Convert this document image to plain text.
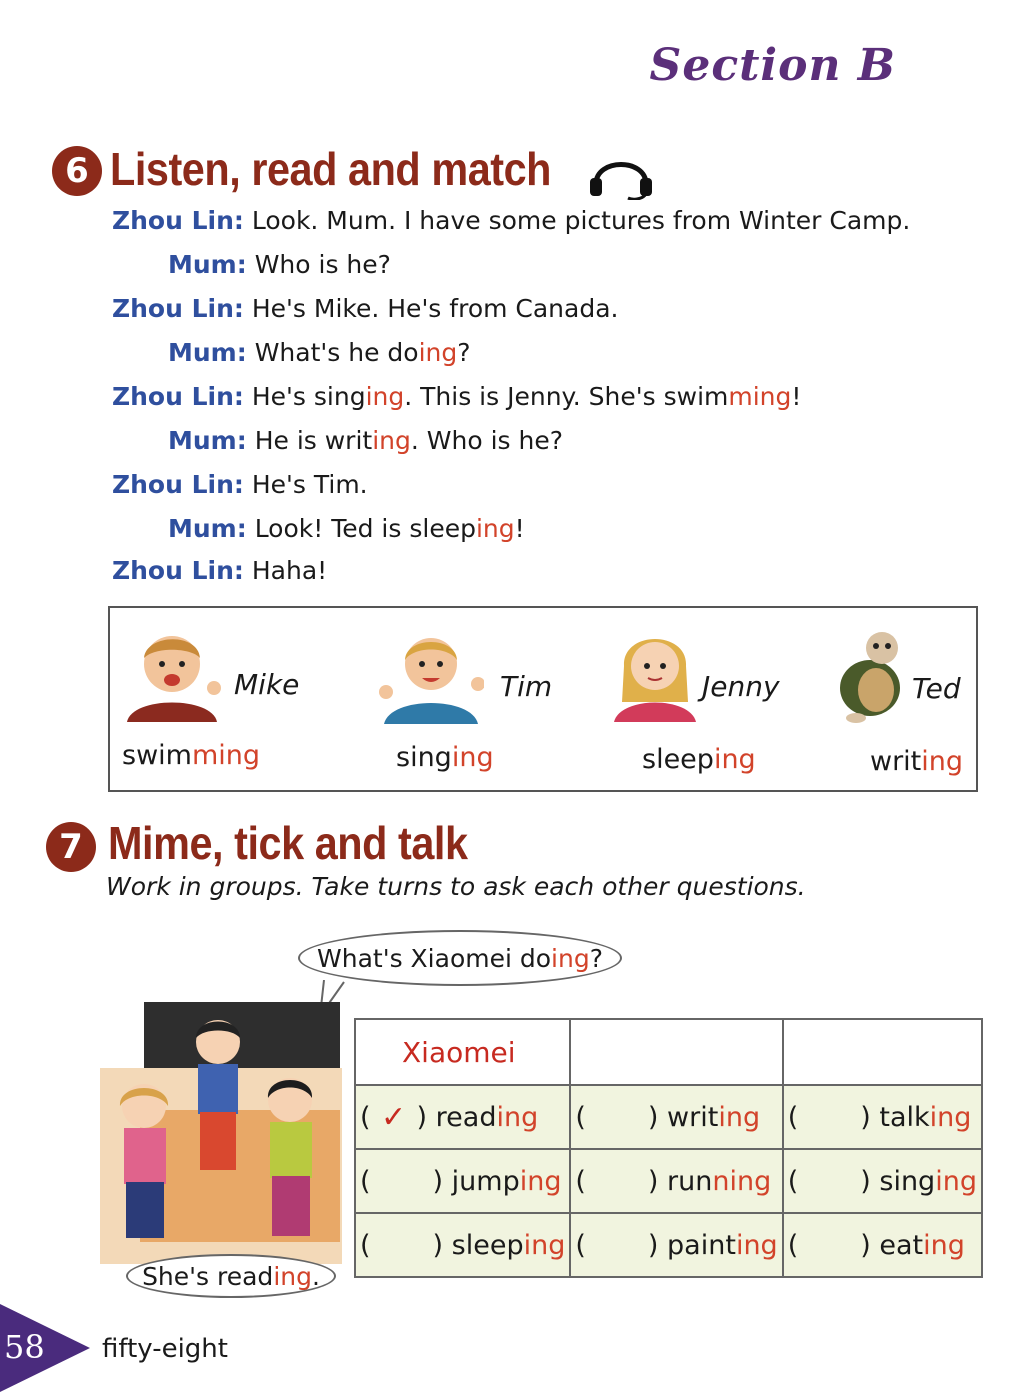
Section B
6 Listen, read and match
Zhou Lin: Look. Mum. I have some pictures from Winter Camp.
Mum: Who is he?
Zhou Lin: He's Mike. He's from Canada.
Mum: What's he doing?
Zhou Lin: He's singing. This is Jenny. She's swimming!
Mum: He is writing. Who is he?
Zhou Lin: He's Tim.
Mum: Look! Ted is sleeping!
Zhou Lin: Haha!
Mike	Tim	Jenny	Ted
swimming	singing	sleeping	writing
7 Mime, tick and talk
Work in groups. Take turns to ask each other questions.
What's Xiaomei do ing ?
She's read ing .
Xiaomei		

( ✓ ) read ing	( ) writ ing	( ) talk ing

( ) jump ing	( ) run ning	( ) sing ing

( ) sleep ing	( ) paint ing	( ) eat ing
58 fifty-eight
